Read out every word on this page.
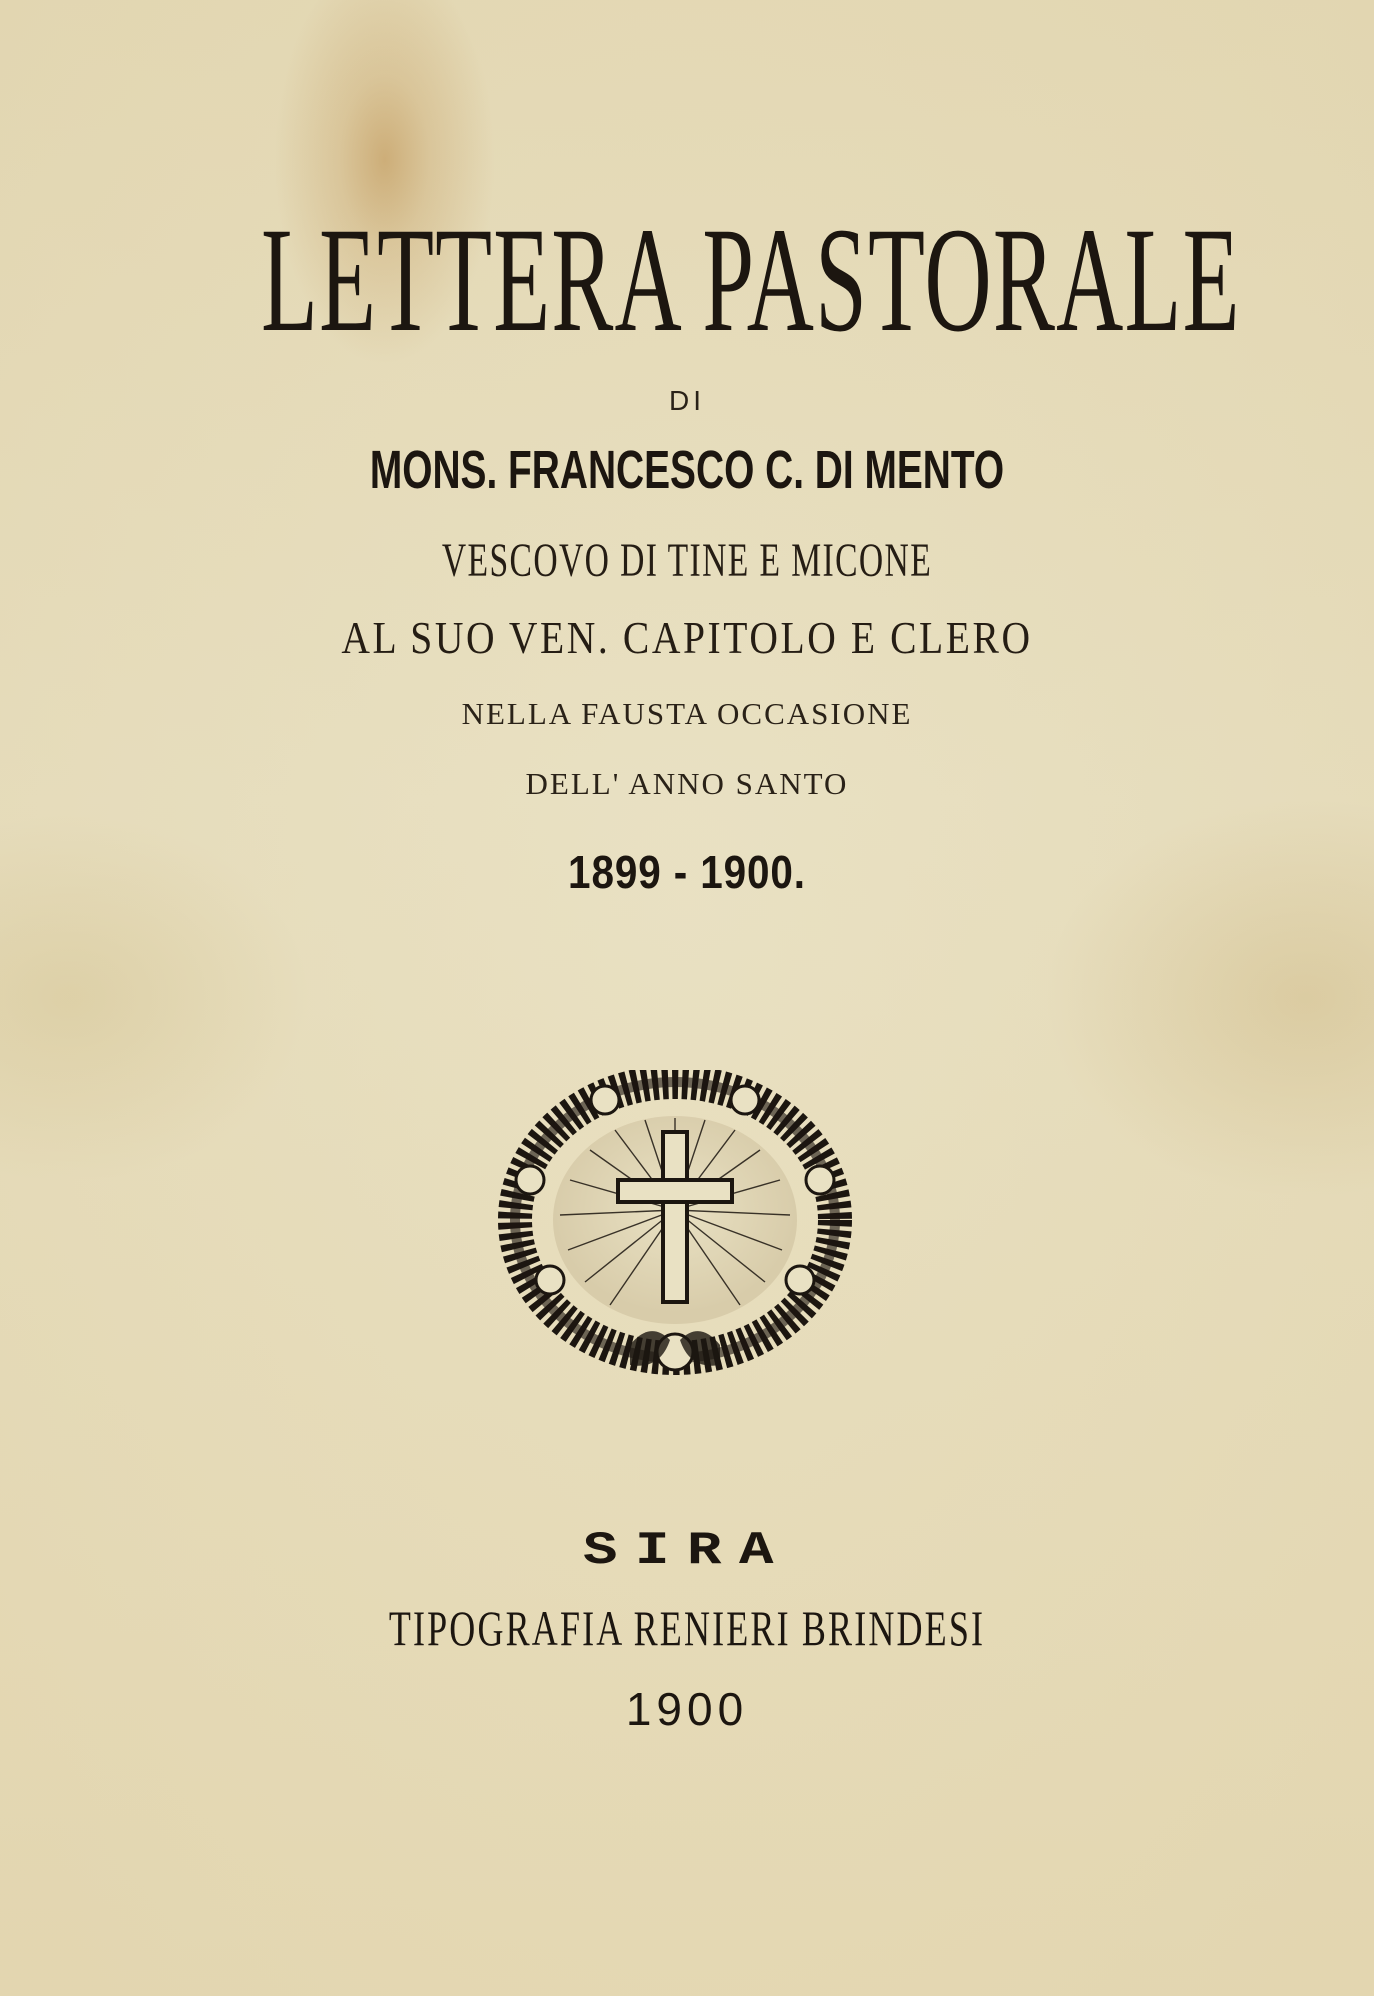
LETTERA PASTORALE

DI

MONS. FRANCESCO C. DI MENTO

VESCOVO DI TINE E MICONE

AL SUO VEN. CAPITOLO E CLERO

NELLA FAUSTA OCCASIONE

DELL' ANNO SANTO

1899 - 1900.

SIRA

TIPOGRAFIA RENIERI BRINDESI

1900
